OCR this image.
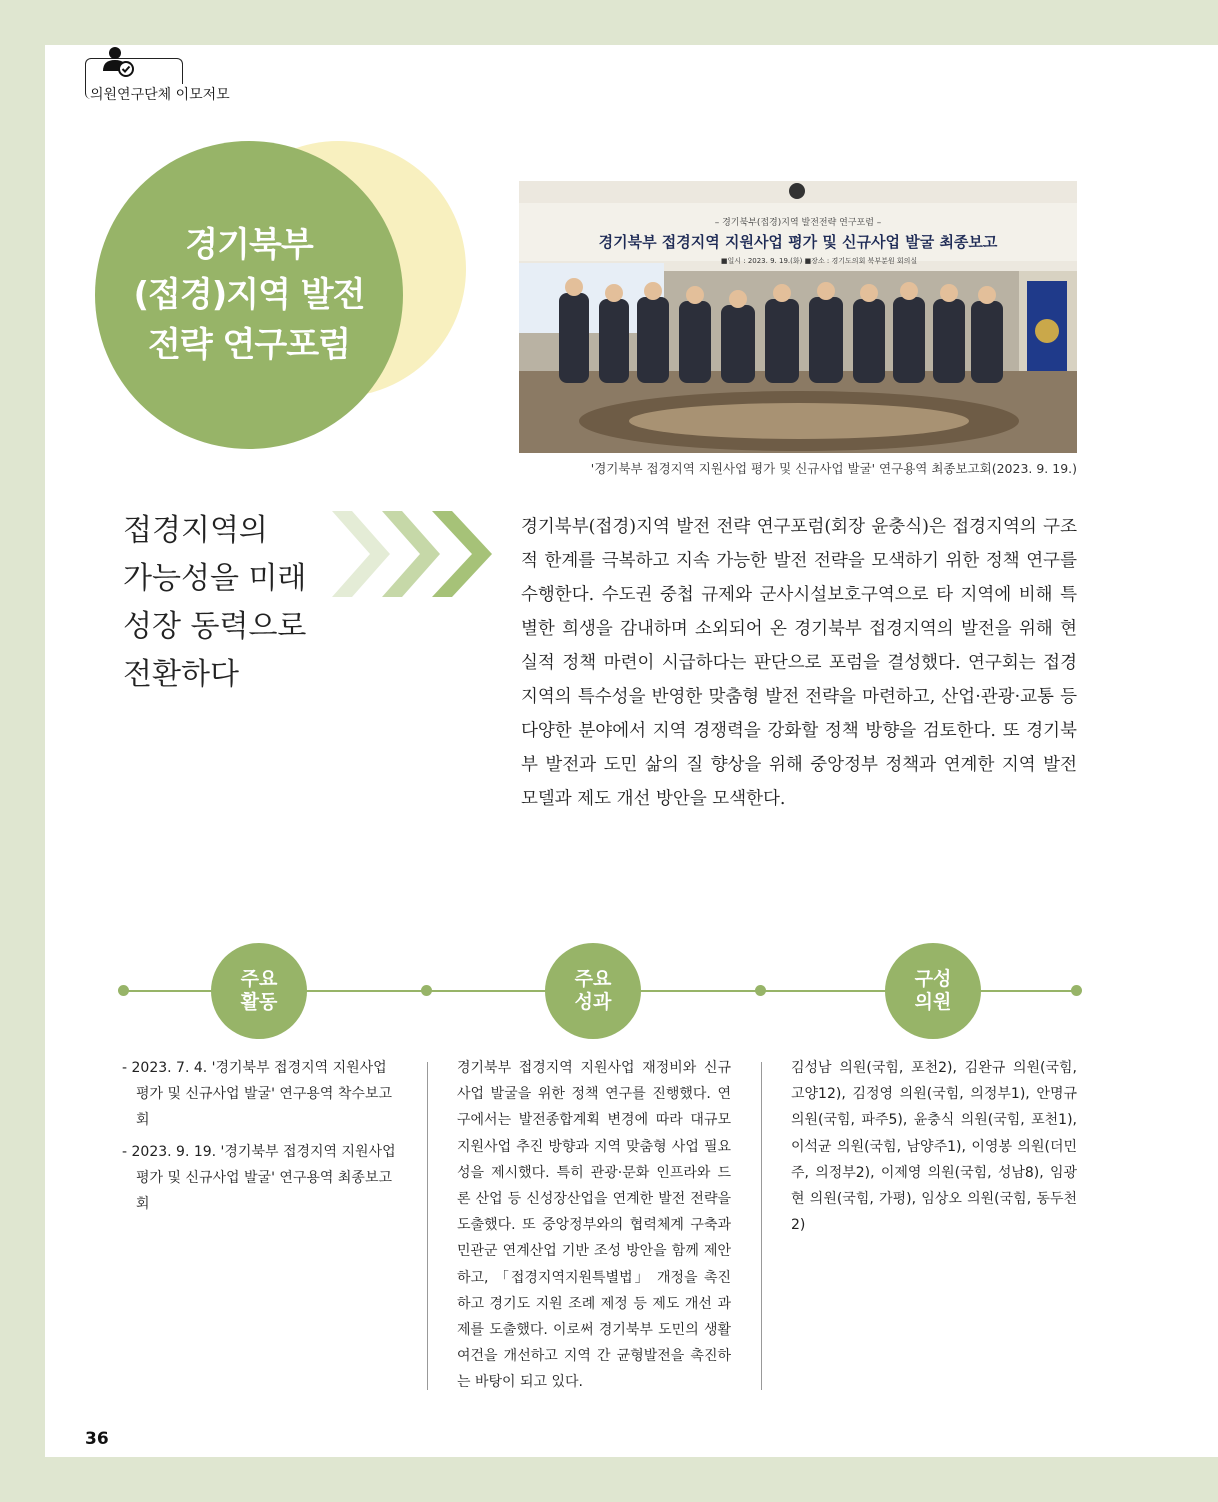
의원연구단체 이모저모
경기북부
(접경)지역 발전
전략 연구포럼
– 경기북부(접경)지역 발전전략 연구포럼 –
경기북부 접경지역 지원사업 평가 및 신규사업 발굴 최종보고
■일시 : 2023. 9. 19.(화) ■장소 : 경기도의회 북부분원 회의실
'경기북부 접경지역 지원사업 평가 및 신규사업 발굴' 연구용역 최종보고회(2023. 9. 19.)
접경지역의
가능성을 미래
성장 동력으로
전환하다
경기북부(접경)지역 발전 전략 연구포럼(회장 윤충식)은 접경지역의 구조적 한계를 극복하고 지속 가능한 발전 전략을 모색하기 위한 정책 연구를 수행한다. 수도권 중첩 규제와 군사시설보호구역으로 타 지역에 비해 특별한 희생을 감내하며 소외되어 온 경기북부 접경지역의 발전을 위해 현실적 정책 마련이 시급하다는 판단으로 포럼을 결성했다. 연구회는 접경지역의 특수성을 반영한 맞춤형 발전 전략을 마련하고, 산업·관광·교통 등 다양한 분야에서 지역 경쟁력을 강화할 정책 방향을 검토한다. 또 경기북부 발전과 도민 삶의 질 향상을 위해 중앙정부 정책과 연계한 지역 발전 모델과 제도 개선 방안을 모색한다.
주요
활동
주요
성과
구성
의원
- 2023. 7. 4. '경기북부 접경지역 지원사업 평가 및 신규사업 발굴' 연구용역 착수보고회
- 2023. 9. 19. '경기북부 접경지역 지원사업 평가 및 신규사업 발굴' 연구용역 최종보고회
경기북부 접경지역 지원사업 재정비와 신규사업 발굴을 위한 정책 연구를 진행했다. 연구에서는 발전종합계획 변경에 따라 대규모 지원사업 추진 방향과 지역 맞춤형 사업 필요성을 제시했다. 특히 관광·문화 인프라와 드론 산업 등 신성장산업을 연계한 발전 전략을 도출했다. 또 중앙정부와의 협력체계 구축과 민관군 연계산업 기반 조성 방안을 함께 제안하고, 「접경지역지원특별법」 개정을 촉진하고 경기도 지원 조례 제정 등 제도 개선 과제를 도출했다. 이로써 경기북부 도민의 생활 여건을 개선하고 지역 간 균형발전을 촉진하는 바탕이 되고 있다.
김성남 의원(국힘, 포천2), 김완규 의원(국힘, 고양12), 김정영 의원(국힘, 의정부1), 안명규 의원(국힘, 파주5), 윤충식 의원(국힘, 포천1), 이석균 의원(국힘, 남양주1), 이영봉 의원(더민주, 의정부2), 이제영 의원(국힘, 성남8), 임광현 의원(국힘, 가평), 임상오 의원(국힘, 동두천2)
36
